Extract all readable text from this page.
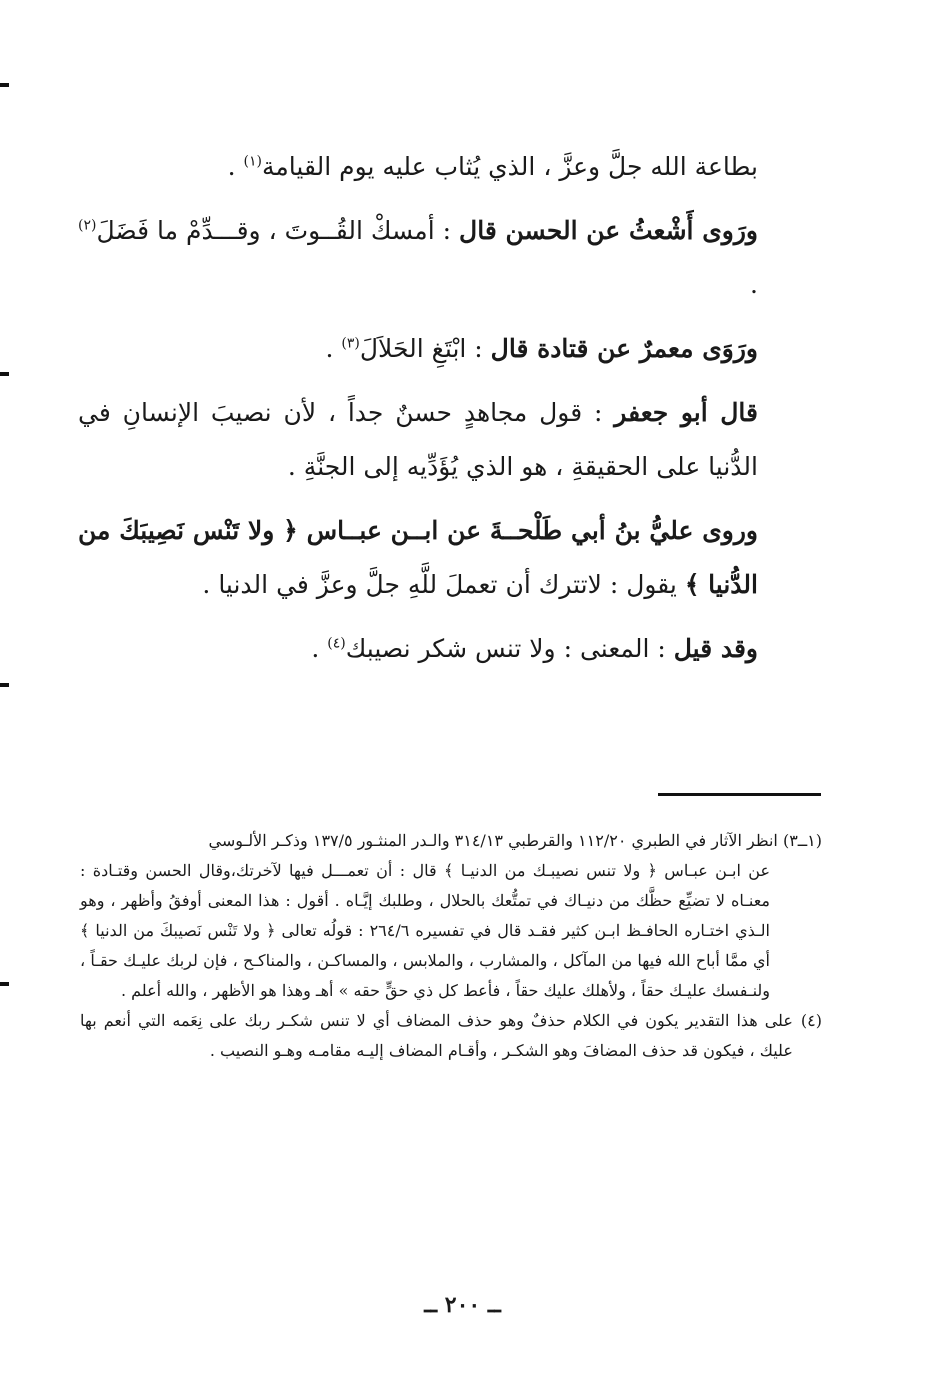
بطاعة الله جلَّ وعزَّ ، الذي يُثاب عليه يوم القيامة$^{(١)}$ .

ورَوى أَشْعثُ عن الحسن قال : أمسكْ القُــوتَ ، وقـــدِّمْ ما فَضَلَ$^{(٢)}$ .

ورَوَى معمرٌ عن قتادة قال : ابْتَغِ الحَلاَلَ$^{(٣)}$ .

قال أبو جعفر : قول مجاهدٍ حسنٌ جداً ، لأن نصيبَ الإنسانِ في الدُّنيا على الحقيقةِ ، هو الذي يُؤَدِّيه إلى الجنَّةِ .

وروى عليُّ بنُ أبي طَلْحــةَ عن ابــن عبــاس ﴿ ولا تَنْس نَصِيبَكَ من الدُّنيا ﴾ يقول : لاتترك أن تعملَ للَّهِ جلَّ وعزَّ في الدنيا .

وقد قيل : المعنى : ولا تنس شكر نصيبك$^{(٤)}$ .

(١ــ٣) انظر الآثار في الطبري ١١٢/٢٠ والقرطبي ٣١٤/١٣ والـدر المنثـور ١٣٧/٥ وذكـر الألـوسي
عن ابـن عبـاس ﴿ ولا تنس نصيبـك من الدنيـا ﴾ قال : أن تعمـــل فيها لآخرتك،وقال الحسن وقتـادة : معنـاه لا تضيِّع حظَّك من دنيـاك في تمتُّعك بالحلال ، وطلبك إيَّـاه . أقول : هذا المعنى أوفقُ وأظهر ، وهو الـذي اختـاره الحافـظ ابـن كثير فقـد قال في تفسيره ٢٦٤/٦ : قولُه تعالى ﴿ ولا تَنْس نَصيبكَ من الدنيا ﴾ أي ممَّا أباح الله فيها من المآكل ، والمشارب ، والملابس ، والمساكـن ، والمناكـح ، فإن لربك عليـك حقـاً ، ولنـفسك عليـك حقاً ، ولأهلك عليك حقاً ، فأعط كل ذي حقٍّ حقه » أهـ وهذا هو الأظهر ، والله أعلم .
(٤)
على هذا التقدير يكون في الكلام حذفٌ وهو حذف المضاف أي لا تنس شكـر ربك على نِعَمه التي أنعم بها عليك ، فيكون قد حذف المضافَ وهو الشكـر ، وأقـام المضاف إليـه مقامـه وهـو النصيب .
ــ ٢٠٠ ــ
